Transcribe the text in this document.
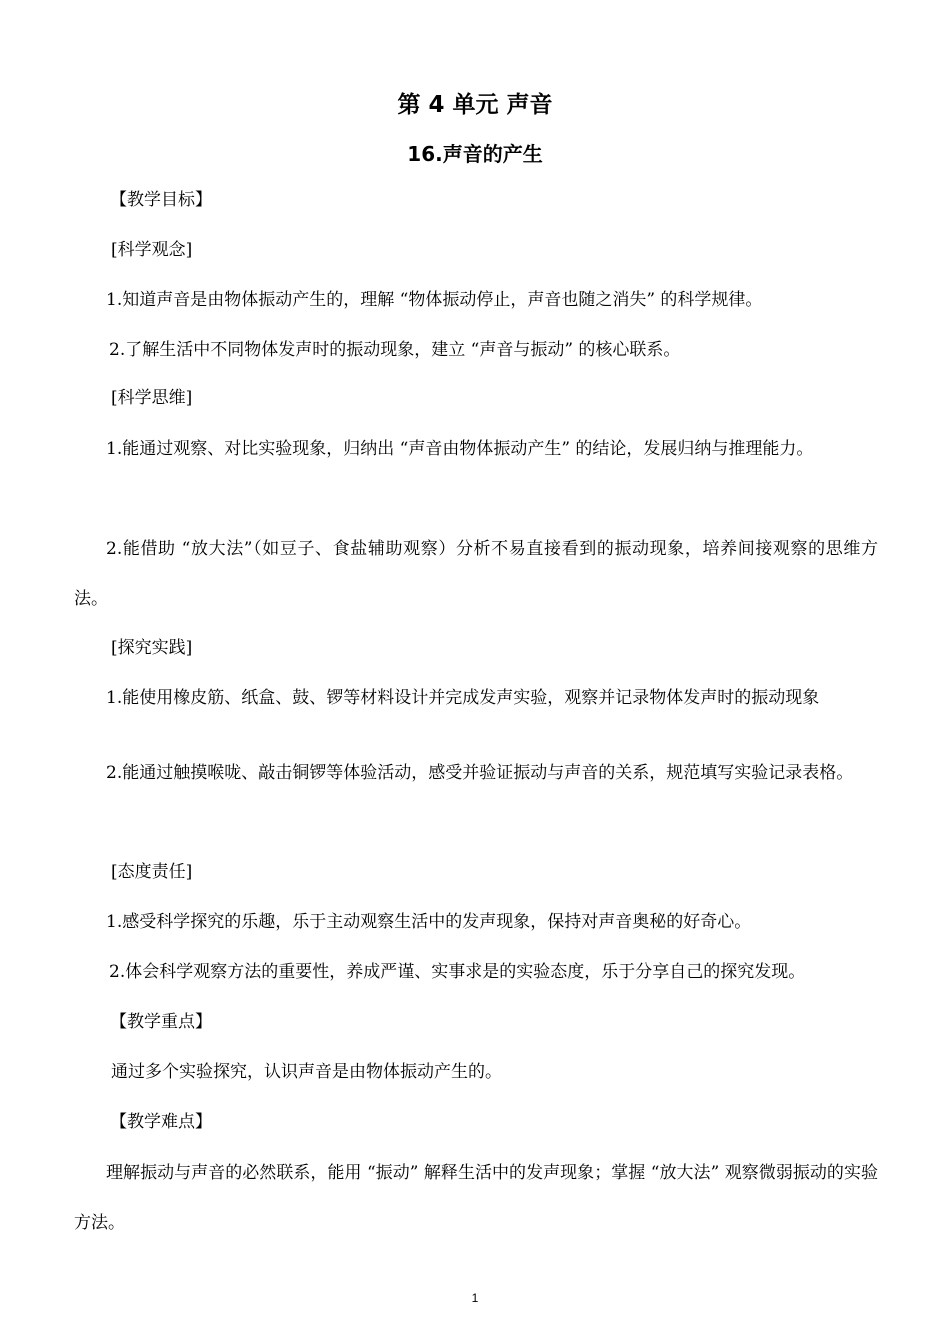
第 4 单元 声音
16.声音的产生
【教学目标】
[科学观念]
1.知道声音是由物体振动产生的，理解 “物体振动停止，声音也随之消失” 的科学规律。
2.了解生活中不同物体发声时的振动现象，建立 “声音与振动” 的核心联系。
[科学思维]
1.能通过观察、对比实验现象，归纳出 “声音由物体振动产生” 的结论，发展归纳与推理能力。
2.能借助 “放大法”（如豆子、食盐辅助观察）分析不易直接看到的振动现象，培养间接观察的思维方法。
[探究实践]
1.能使用橡皮筋、纸盒、鼓、锣等材料设计并完成发声实验，观察并记录物体发声时的振动现象
2.能通过触摸喉咙、敲击铜锣等体验活动，感受并验证振动与声音的关系，规范填写实验记录表格。
[态度责任]
1.感受科学探究的乐趣，乐于主动观察生活中的发声现象，保持对声音奥秘的好奇心。
2.体会科学观察方法的重要性，养成严谨、实事求是的实验态度，乐于分享自己的探究发现。
【教学重点】
通过多个实验探究，认识声音是由物体振动产生的。
【教学难点】
理解振动与声音的必然联系，能用 “振动” 解释生活中的发声现象；掌握 “放大法” 观察微弱振动的实验方法。
1
